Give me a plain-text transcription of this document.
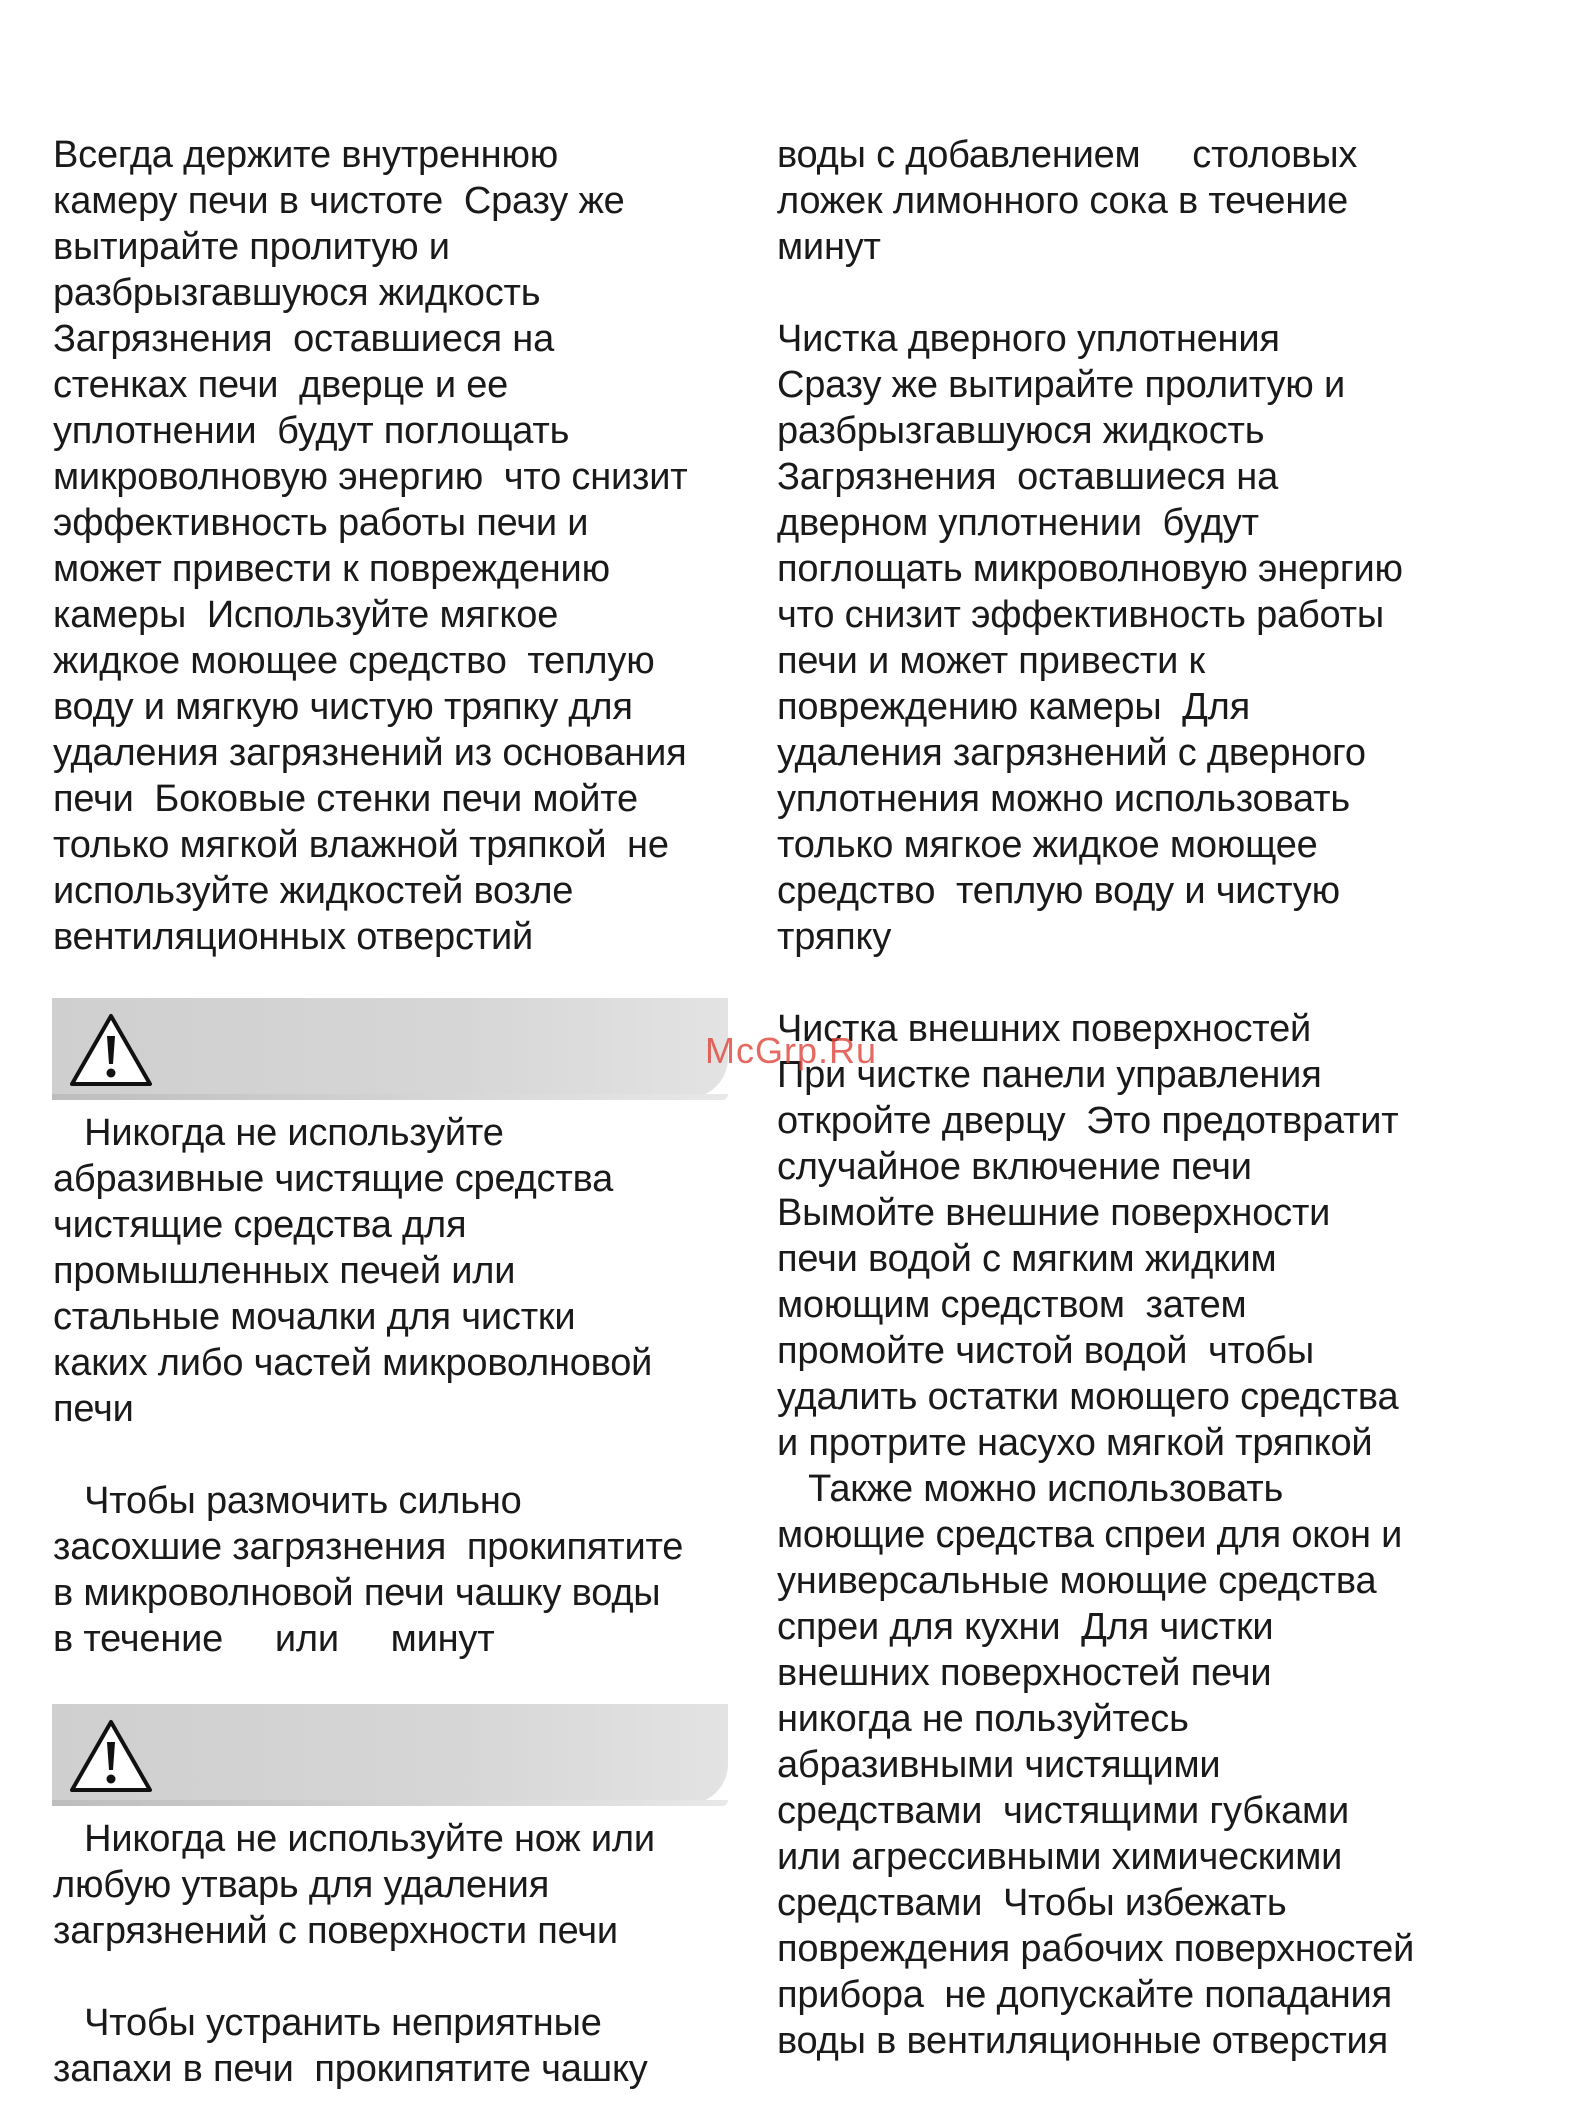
Всегда держите внутреннюю
камеру печи в чистоте  Сразу же
вытирайте пролитую и
разбрызгавшуюся жидкость
Загрязнения  оставшиеся на
стенках печи  дверце и ее
уплотнении  будут поглощать
микроволновую энергию  что снизит
эффективность работы печи и
может привести к повреждению
камеры  Используйте мягкое
жидкое моющее средство  теплую
воду и мягкую чистую тряпку для
удаления загрязнений из основания
печи  Боковые стенки печи мойте
только мягкой влажной тряпкой  не
используйте жидкостей возле
вентиляционных отверстий
Никогда не используйте
абразивные чистящие средства
чистящие средства для
промышленных печей или
стальные мочалки для чистки
каких либо частей микроволновой
печи
Чтобы размочить сильно
засохшие загрязнения  прокипятите
в микроволновой печи чашку воды
в течение     или     минут
Никогда не используйте нож или
любую утварь для удаления
загрязнений с поверхности печи
Чтобы устранить неприятные
запахи в печи  прокипятите чашку
воды с добавлением     столовых
ложек лимонного сока в течение
минут
Чистка дверного уплотнения
Сразу же вытирайте пролитую и
разбрызгавшуюся жидкость
Загрязнения  оставшиеся на
дверном уплотнении  будут
поглощать микроволновую энергию
что снизит эффективность работы
печи и может привести к
повреждению камеры  Для
удаления загрязнений с дверного
уплотнения можно использовать
только мягкое жидкое моющее
средство  теплую воду и чистую
тряпку
Чистка внешних поверхностей
При чистке панели управления
откройте дверцу  Это предотвратит
случайное включение печи
Вымойте внешние поверхности
печи водой с мягким жидким
моющим средством  затем
промойте чистой водой  чтобы
удалить остатки моющего средства
и протрите насухо мягкой тряпкой
Также можно использовать
моющие средства спреи для окон и
универсальные моющие средства
спреи для кухни  Для чистки
внешних поверхностей печи
никогда не пользуйтесь
абразивными чистящими
средствами  чистящими губками
или агрессивными химическими
средствами  Чтобы избежать
повреждения рабочих поверхностей
прибора  не допускайте попадания
воды в вентиляционные отверстия
McGrp.Ru
